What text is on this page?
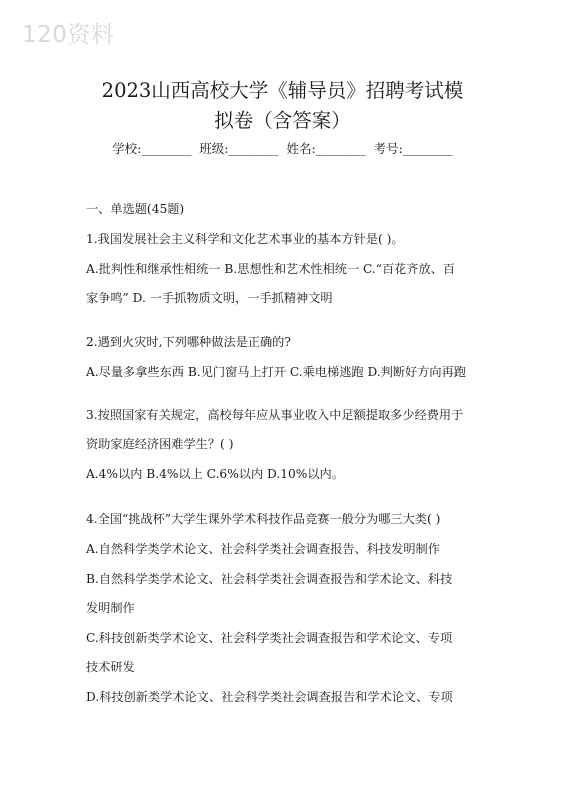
120资料
2023山西高校大学《辅导员》招聘考试模
拟卷（含答案）
学校:________ 班级:________ 姓名:________ 考号:________
一、单选题(45题)
1.我国发展社会主义科学和文化艺术事业的基本方针是( )。
A.批判性和继承性相统一 B.思想性和艺术性相统一 C.“百花齐放、百
家争鸣” D. 一手抓物质文明，一手抓精神文明
2.遇到火灾时,下列哪种做法是正确的?
A.尽量多拿些东西 B.见门窗马上打开 C.乘电梯逃跑 D.判断好方向再跑
3.按照国家有关规定，高校每年应从事业收入中足额提取多少经费用于
资助家庭经济困难学生？( )
A.4%以内 B.4%以上 C.6%以内 D.10%以内。
4.全国“挑战杯”大学生课外学术科技作品竞赛一般分为哪三大类( )
A.自然科学类学术论文、社会科学类社会调查报告、科技发明制作
B.自然科学类学术论文、社会科学类社会调查报告和学术论文、科技
发明制作
C.科技创新类学术论文、社会科学类社会调查报告和学术论文、专项
技术研发
D.科技创新类学术论文、社会科学类社会调查报告和学术论文、专项
